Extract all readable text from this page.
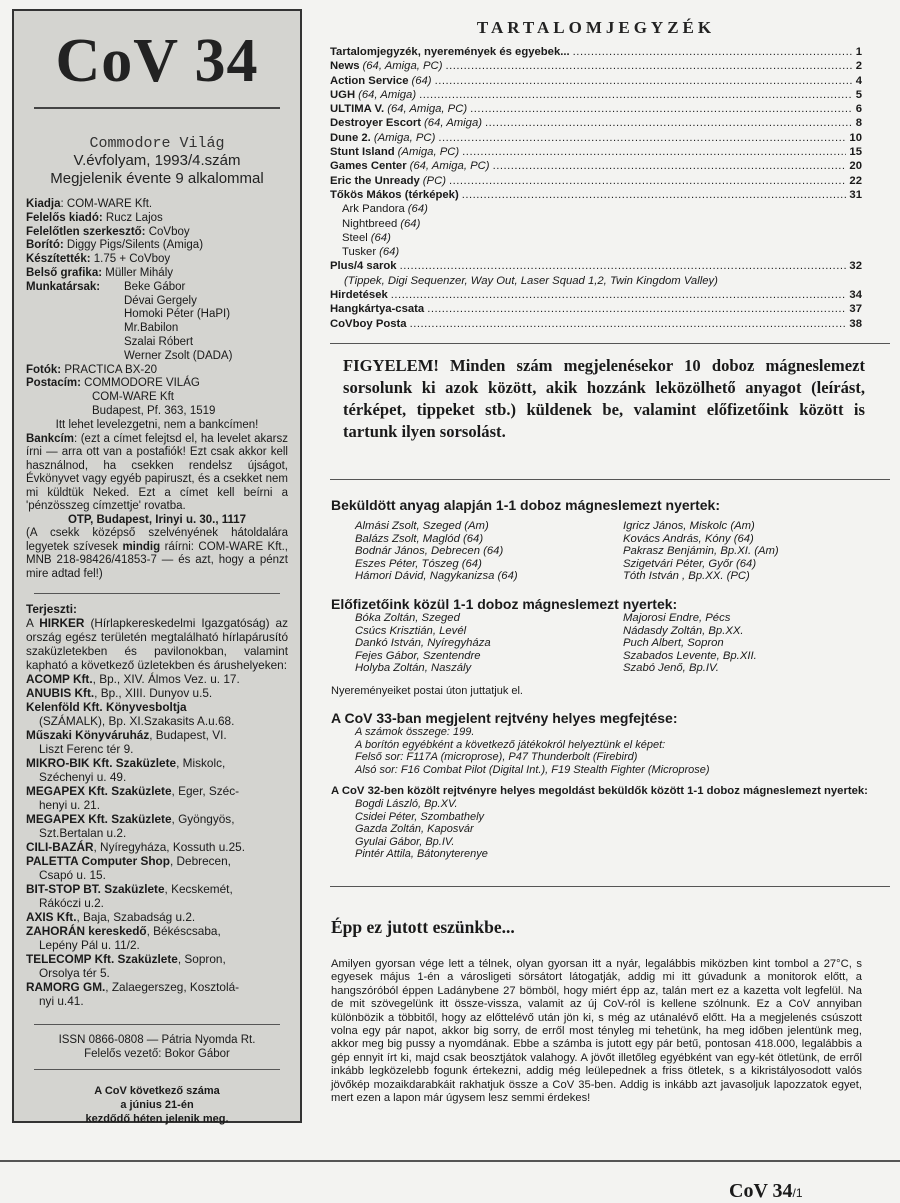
CoV 34
Commodore Világ
V.évfolyam, 1993/4.szám
Megjelenik évente 9 alkalommal
Kiadja: COM-WARE Kft.
Felelős kiadó: Rucz Lajos
Felelőtlen szerkesztő: CoVboy
Borító: Diggy Pigs/Silents (Amiga)
Készítették: 1.75 + CoVboy
Belső grafika: Müller Mihály
Munkatársak:	Beke Gábor
Dévai Gergely
Homoki Péter (HaPI)
Mr.Babilon
Szalai Róbert
Werner Zsolt (DADA)
Fotók: PRACTICA BX-20
Postacím: COMMODORE VILÁG
COM-WARE Kft
Budapest, Pf. 363, 1519
Itt lehet levelezgetni, nem a bankcímen!
Bankcím: (ezt a címet felejtsd el, ha levelet akarsz írni — arra ott van a postafiók! Ezt csak akkor kell használnod, ha csekken rendelsz újságot, Évkönyvet vagy egyéb papiruszt, és a csekket nem mi küldtük Neked. Ezt a címet kell beírni a 'pénzösszeg címzettje' rovatba.
OTP, Budapest, Irinyi u. 30., 1117
(A csekk középső szelvényének hátoldalára legyetek szívesek mindig ráírni: COM-WARE Kft., MNB 218-98426/41853-7 — és azt, hogy a pénzt mire adtad fel!)
Terjeszti:
A HIRKER (Hírlapkereskedelmi Igazgatóság) az ország egész területén megtalálható hírlapárusító szaküzletekben és pavilonokban, valamint kapható a következő üzletekben és árushelyeken:
ACOMP Kft., Bp., XIV. Álmos Vez. u. 17.
ANUBIS Kft., Bp., XIII. Dunyov u.5.
Kelenföld Kft. Könyvesboltja
(SZÁMALK), Bp. XI.Szakasits A.u.68.
Műszaki Könyváruház, Budapest, VI.
Liszt Ferenc tér 9.
MIKRO-BIK Kft. Szaküzlete, Miskolc,
Széchenyi u. 49.
MEGAPEX Kft. Szaküzlete, Eger, Széc-
henyi u. 21.
MEGAPEX Kft. Szaküzlete, Gyöngyös,
Szt.Bertalan u.2.
CILI-BAZÁR, Nyíregyháza, Kossuth u.25.
PALETTA Computer Shop, Debrecen,
Csapó u. 15.
BIT-STOP BT. Szaküzlete, Kecskemét,
Rákóczi u.2.
AXIS Kft., Baja, Szabadság u.2.
ZAHORÁN kereskedő, Békéscsaba,
Lepény Pál u. 11/2.
TELECOMP Kft. Szaküzlete, Sopron,
Orsolya tér 5.
RAMORG GM., Zalaegerszeg, Kosztolá-
nyi u.41.
ISSN 0866-0808 — Pátria Nyomda Rt.
Felelős vezető: Bokor Gábor
A CoV következő száma
a június 21-én
kezdődő héten jelenik meg.
TARTALOMJEGYZÉK
Tartalomjegyzék, nyeremények és egyebek... .....	1
News (64, Amiga, PC) .....	2
Action Service (64) .....	4
UGH (64, Amiga) .....	5
ULTIMA V. (64, Amiga, PC) .....	6
Destroyer Escort (64, Amiga) .....	8
Dune 2. (Amiga, PC) .....	10
Stunt Island (Amiga, PC) .....	15
Games Center (64, Amiga, PC) .....	20
Eric the Unready (PC) .....	22
Tőkös Mákos (térképek) .....	31
Ark Pandora (64)
Nightbreed (64)
Steel (64)
Tusker (64)
Plus/4 sarok .....	32
(Tippek, Digi Sequenzer, Way Out, Laser Squad 1,2, Twin Kingdom Valley)
Hirdetések .....	34
Hangkártya-csata .....	37
CoVboy Posta .....	38
FIGYELEM! Minden szám megjelenésekor 10 doboz mágneslemezt sorsolunk ki azok között, akik hozzánk leközölhető anyagot (leírást, térképet, tippeket stb.) küldenek be, valamint előfizetőink között is tartunk ilyen sorsolást.
Beküldött anyag alapján 1-1 doboz mágneslemezt nyertek:
Almási Zsolt, Szeged (Am)
Balázs Zsolt, Maglód (64)
Bodnár János, Debrecen (64)
Eszes Péter, Tószeg (64)
Hámori Dávid, Nagykanizsa (64)
Igricz János, Miskolc (Am)
Kovács András, Kóny (64)
Pakrasz Benjámin, Bp.XI. (Am)
Szigetvári Péter, Győr (64)
Tóth István , Bp.XX. (PC)
Előfizetőink közül 1-1 doboz mágneslemezt nyertek:
Bóka Zoltán, Szeged
Csúcs Krisztián, Levél
Dankó István, Nyíregyháza
Fejes Gábor, Szentendre
Holyba Zoltán, Naszály
Majorosi Endre, Pécs
Nádasdy Zoltán, Bp.XX.
Puch Albert, Sopron
Szabados Levente, Bp.XII.
Szabó Jenő, Bp.IV.
Nyereményeiket postai úton juttatjuk el.
A CoV 33-ban megjelent rejtvény helyes megfejtése:
A számok összege: 199.
A borítón egyébként a következő játékokról helyeztünk el képet:
Felső sor: F117A (microprose), P47 Thunderbolt (Firebird)
Alsó sor: F16 Combat Pilot (Digital Int.), F19 Stealth Fighter (Microprose)
A CoV 32-ben közölt rejtvényre helyes megoldást beküldők között 1-1 doboz mágneslemezt nyertek:
Bogdi László, Bp.XV.
Csidei Péter, Szombathely
Gazda Zoltán, Kaposvár
Gyulai Gábor, Bp.IV.
Pintér Attila, Bátonyterenye
Épp ez jutott eszünkbe...
Amilyen gyorsan vége lett a télnek, olyan gyorsan itt a nyár, legalábbis miközben kint tombol a 27°C, s egyesek május 1-én a városligeti sörsátort látogatják, addig mi itt gúvadunk a monitorok előtt, a hangszóróból éppen Ladánybene 27 bömböl, hogy miért épp az, talán mert ez a kazetta volt legfelül. Na de mit szövegelünk itt össze-vissza, valamit az új CoV-ról is kellene szólnunk. Ez a CoV annyiban különbözik a többitől, hogy az előttelévő után jön ki, s még az utánalévő előtt. Ha a megjelenés csúszott volna egy pár napot, akkor big sorry, de erről most tényleg mi tehetünk, ha meg időben jelentünk meg, akkor meg big pussy a nyomdának. Ebbe a számba is jutott egy pár betű, pontosan 418.000, legalábbis a gép ennyit írt ki, majd csak beosztjátok valahogy. A jövőt illetőleg egyébként van egy-két ötletünk, de erről inkább legközelebb fogunk értekezni, addig még leülepednek a friss ötletek, s a kikristályosodott valós jövőkép mozaikdarabkáit rakhatjuk össze a CoV 35-ben. Addig is inkább azt javasoljuk lapozzatok egyet, mert ezen a lapon már úgysem lesz semmi érdekes!
CoV 34/1
